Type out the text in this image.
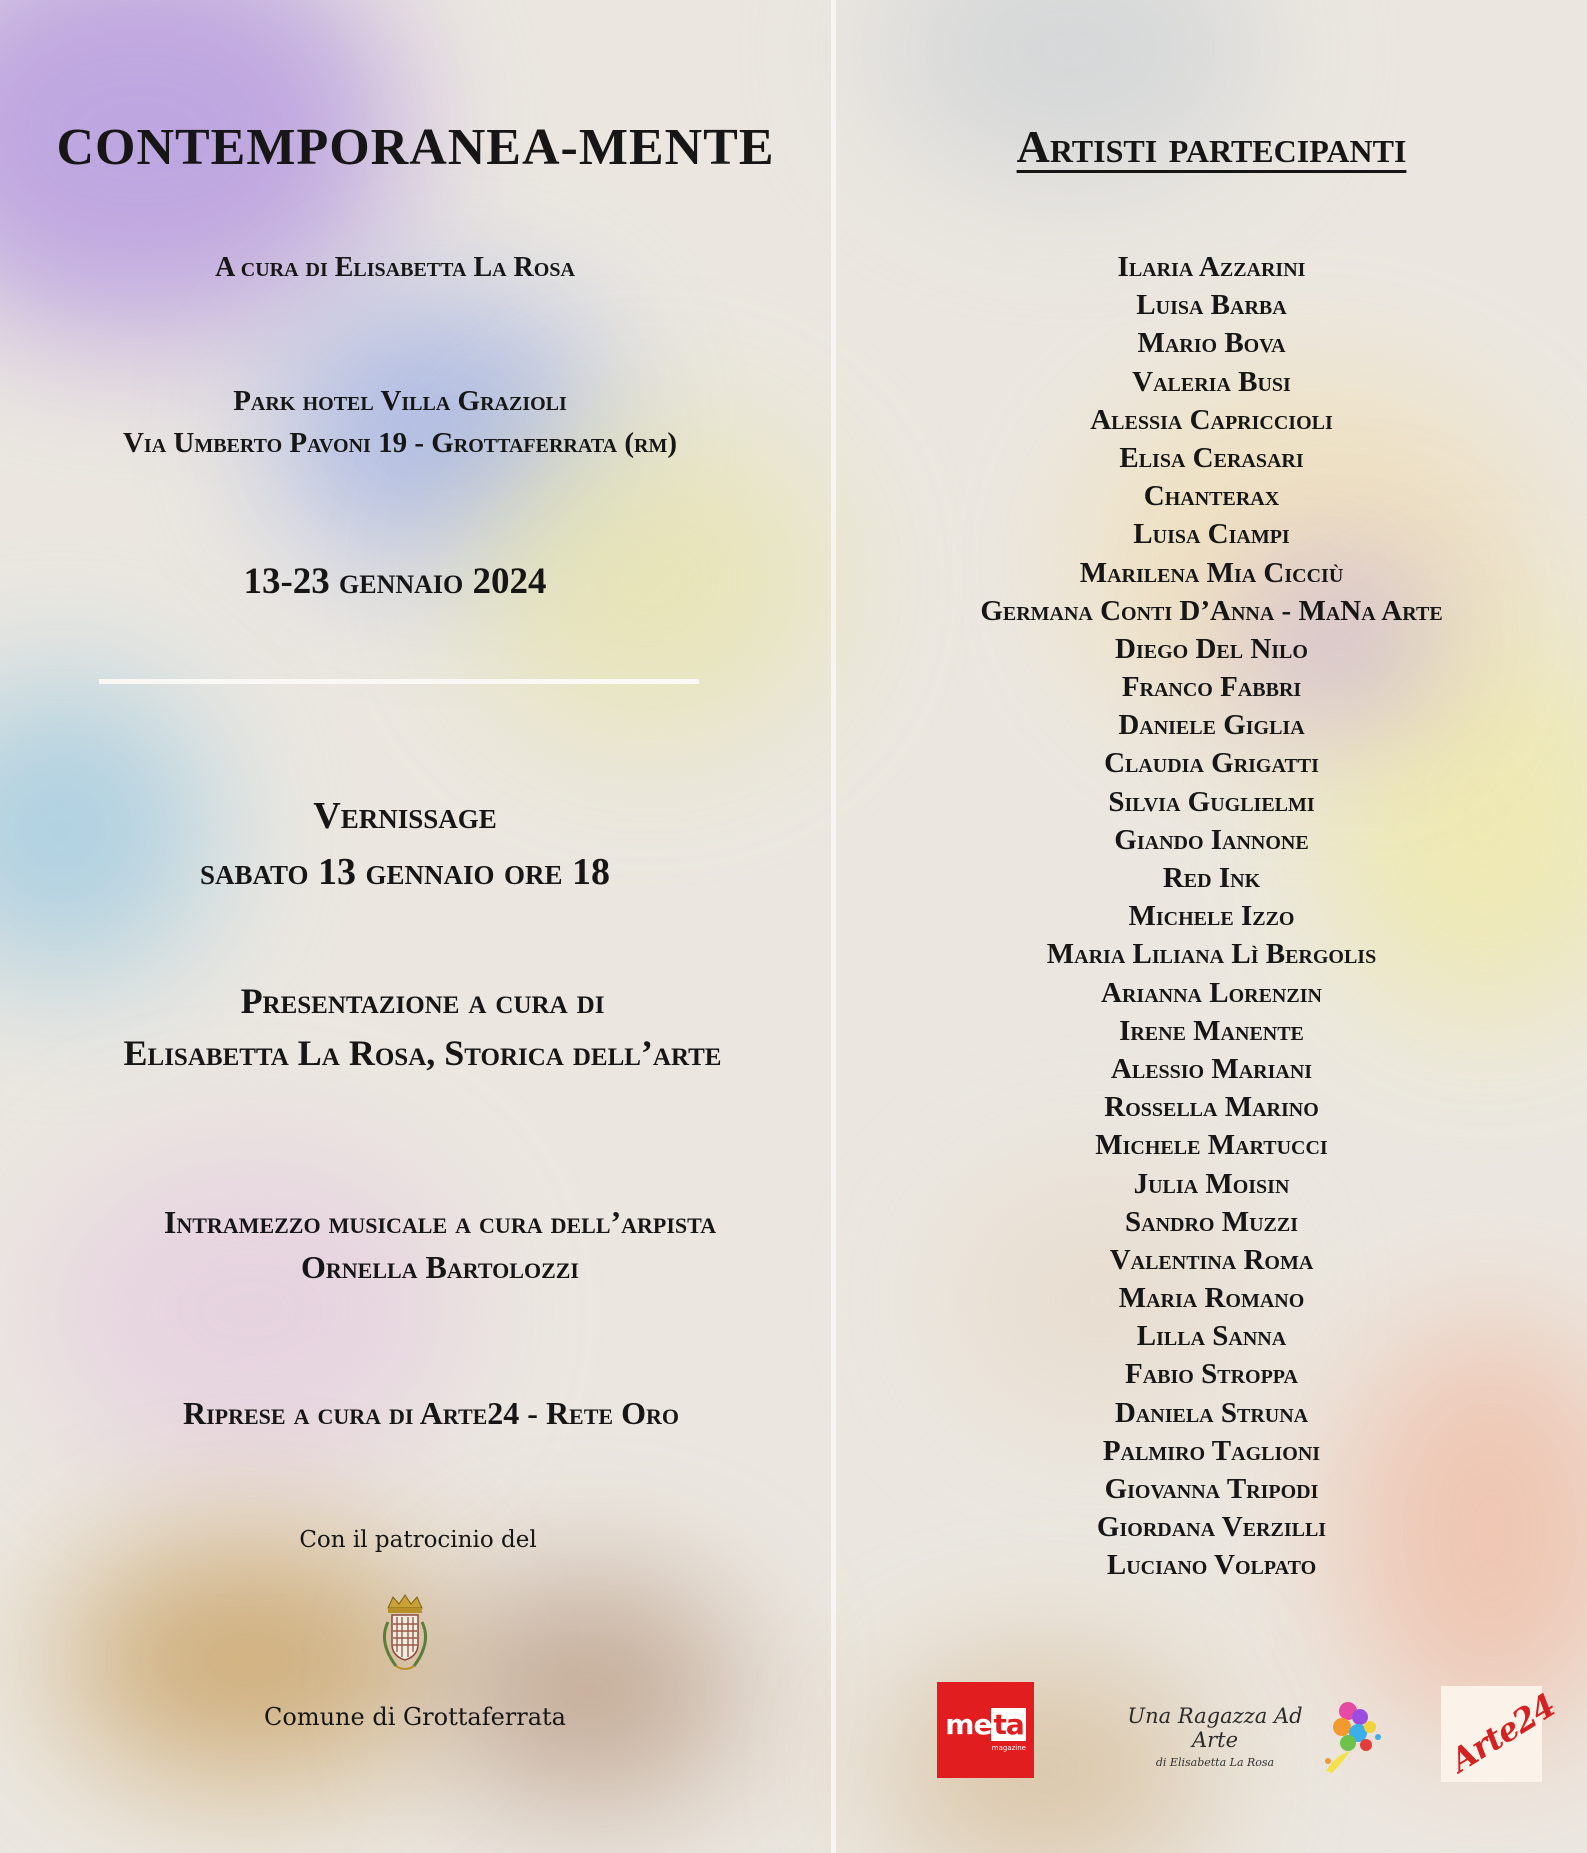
CONTEMPORANEA-MENTE
A cura di Elisabetta La Rosa
Park hotel Villa Grazioli
Via Umberto Pavoni 19 - Grottaferrata (rm)
13-23 gennaio 2024
Vernissage
sabato 13 gennaio ore 18
Presentazione a cura di
Elisabetta La Rosa, Storica dell’arte
Intramezzo musicale a cura dell’arpista
Ornella Bartolozzi
Riprese a cura di Arte24 - Rete Oro
Con il patrocinio del
Comune di Grottaferrata
Artisti partecipanti
Ilaria Azzarini
Luisa Barba
Mario Bova
Valeria Busi
Alessia Capriccioli
Elisa Cerasari
Chanterax
Luisa Ciampi
Marilena Mia Cicciù
Germana Conti D’Anna - MaNa Arte
Diego Del Nilo
Franco Fabbri
Daniele Giglia
Claudia Grigatti
Silvia Guglielmi
Giando Iannone
Red Ink
Michele Izzo
Maria Liliana Lì Bergolis
Arianna Lorenzin
Irene Manente
Alessio Mariani
Rossella Marino
Michele Martucci
Julia Moisin
Sandro Muzzi
Valentina Roma
Maria Romano
Lilla Sanna
Fabio Stroppa
Daniela Struna
Palmiro Taglioni
Giovanna Tripodi
Giordana Verzilli
Luciano Volpato
meta
magazine
Una Ragazza Ad Arte
di Elisabetta La Rosa	Arte24
